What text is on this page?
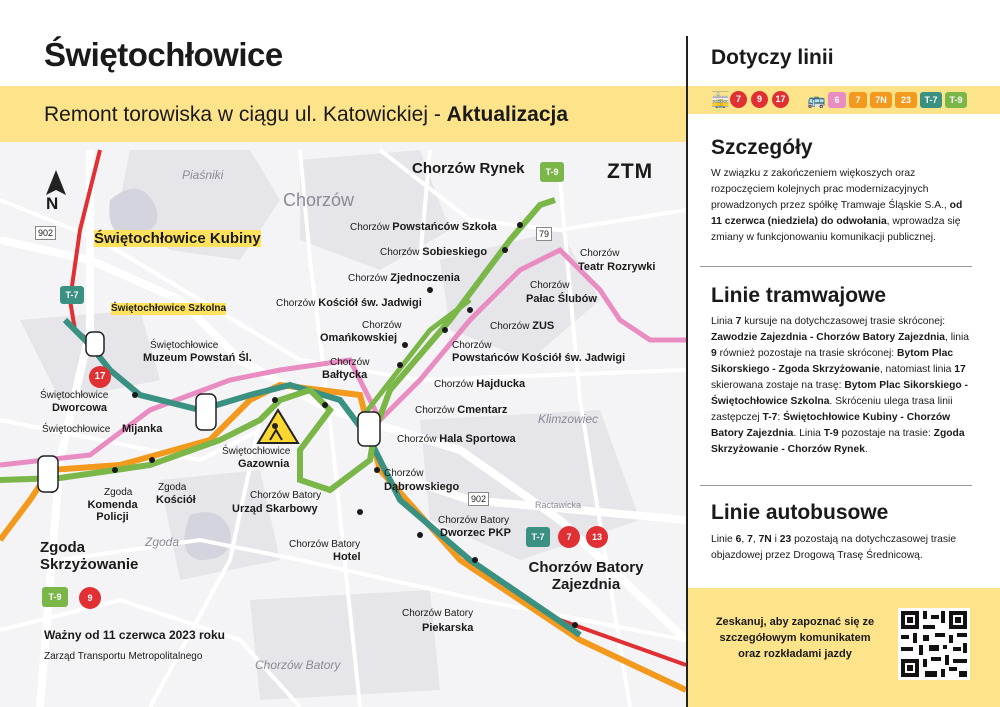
Piaśniki
Chorzów
Klimzowiec
Zgoda
Chorzów Batory
Ractawicka
902	79
902
N
ZTM
Świętochłowice Kubiny
T-7
Świętochłowice Szkolna
Świętochłowice
Muzeum Powstań Śl.
17
Świętochłowice
Dworcowa
Świętochłowice Mijanka
Świętochłowice
Gazownia
Zgoda Skrzyżowanie
T-9	9
Zgoda
Komenda Policji
Zgoda
Kościół
Chorzów Rynek	T-9
Chorzów Powstańców Szkoła
Chorzów Sobieskiego
Chorzów Zjednoczenia
Chorzów Kościół św. Jadwigi
Chorzów
Omańkowskiej
Chorzów
Bałtycka
Chorzów
Teatr Rozrywki
Chorzów
Pałac Ślubów
Chorzów ZUS
Chorzów
Powstańców Kościół św. Jadwigi
Chorzów Hajducka
Chorzów Cmentarz
Chorzów Hala Sportowa
Chorzów
Dąbrowskiego
Chorzów Batory
Urząd Skarbowy
Chorzów Batory
Hotel
Chorzów Batory
Dworzec PKP	T-7	7	13
Chorzów Batory Zajezdnia
Chorzów Batory
Piekarska
Ważny od 11 czerwca 2023 roku
Zarząd Transportu Metropolitalnego
Świętochłowice
Remont torowiska w ciągu ul. Katowickiej - Aktualizacja
Dotyczy linii
🚋 7	9	17 🚌 6	7	7N	23	T-7	T-9
Szczegóły
W związku z zakończeniem więkoszych oraz rozpoczęciem kolejnych prac modernizacyjnych prowadzonych przez spółkę Tramwaje Śląskie S.A., od 11 czerwca (niedziela) do odwołania, wprowadza się zmiany w funkcjonowaniu komunikacji publicznej.
Linie tramwajowe
Linia 7 kursuje na dotychczasowej trasie skróconej: Zawodzie Zajezdnia - Chorzów Batory Zajezdnia, linia 9 również pozostaje na trasie skróconej: Bytom Plac Sikorskiego - Zgoda Skrzyżowanie, natomiast linia 17 skierowana zostaje na trasę: Bytom Plac Sikorskiego - Świętochłowice Szkolna. Skróceniu ulega trasa linii zastępczej T-7: Świętochłowice Kubiny - Chorzów Batory Zajezdnia. Linia T-9 pozostaje na trasie: Zgoda Skrzyżowanie - Chorzów Rynek.
Linie autobusowe
Linie 6, 7, 7N i 23 pozostają na dotychczasowej trasie objazdowej przez Drogową Trasę Średnicową.
Zeskanuj, aby zapoznać się ze szczegółowym komunikatem oraz rozkładami jazdy
